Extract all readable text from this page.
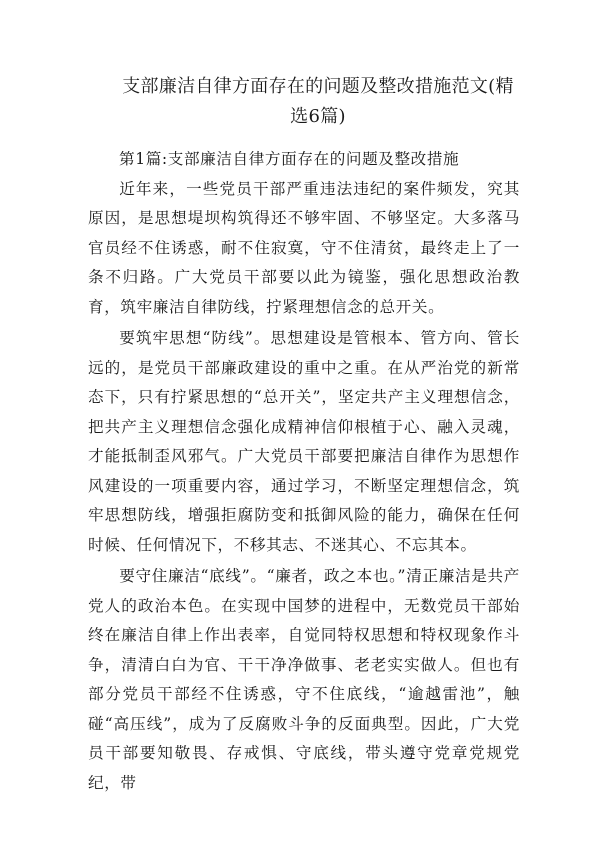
支部廉洁自律方面存在的问题及整改措施范文(精选6篇)

第1篇:支部廉洁自律方面存在的问题及整改措施

近年来，一些党员干部严重违法违纪的案件频发，究其原因，是思想堤坝构筑得还不够牢固、不够坚定。大多落马官员经不住诱惑，耐不住寂寞，守不住清贫，最终走上了一条不归路。广大党员干部要以此为镜鉴，强化思想政治教育，筑牢廉洁自律防线，拧紧理想信念的总开关。

要筑牢思想“防线”。思想建设是管根本、管方向、管长远的，是党员干部廉政建设的重中之重。在从严治党的新常态下，只有拧紧思想的“总开关”，坚定共产主义理想信念，把共产主义理想信念强化成精神信仰根植于心、融入灵魂，才能抵制歪风邪气。广大党员干部要把廉洁自律作为思想作风建设的一项重要内容，通过学习，不断坚定理想信念，筑牢思想防线，增强拒腐防变和抵御风险的能力，确保在任何时候、任何情况下，不移其志、不迷其心、不忘其本。

要守住廉洁“底线”。“廉者，政之本也。”清正廉洁是共产党人的政治本色。在实现中国梦的进程中，无数党员干部始终在廉洁自律上作出表率，自觉同特权思想和特权现象作斗争，清清白白为官、干干净净做事、老老实实做人。但也有部分党员干部经不住诱惑，守不住底线，“逾越雷池”，触碰“高压线”，成为了反腐败斗争的反面典型。因此，广大党员干部要知敬畏、存戒惧、守底线，带头遵守党章党规党纪，带
